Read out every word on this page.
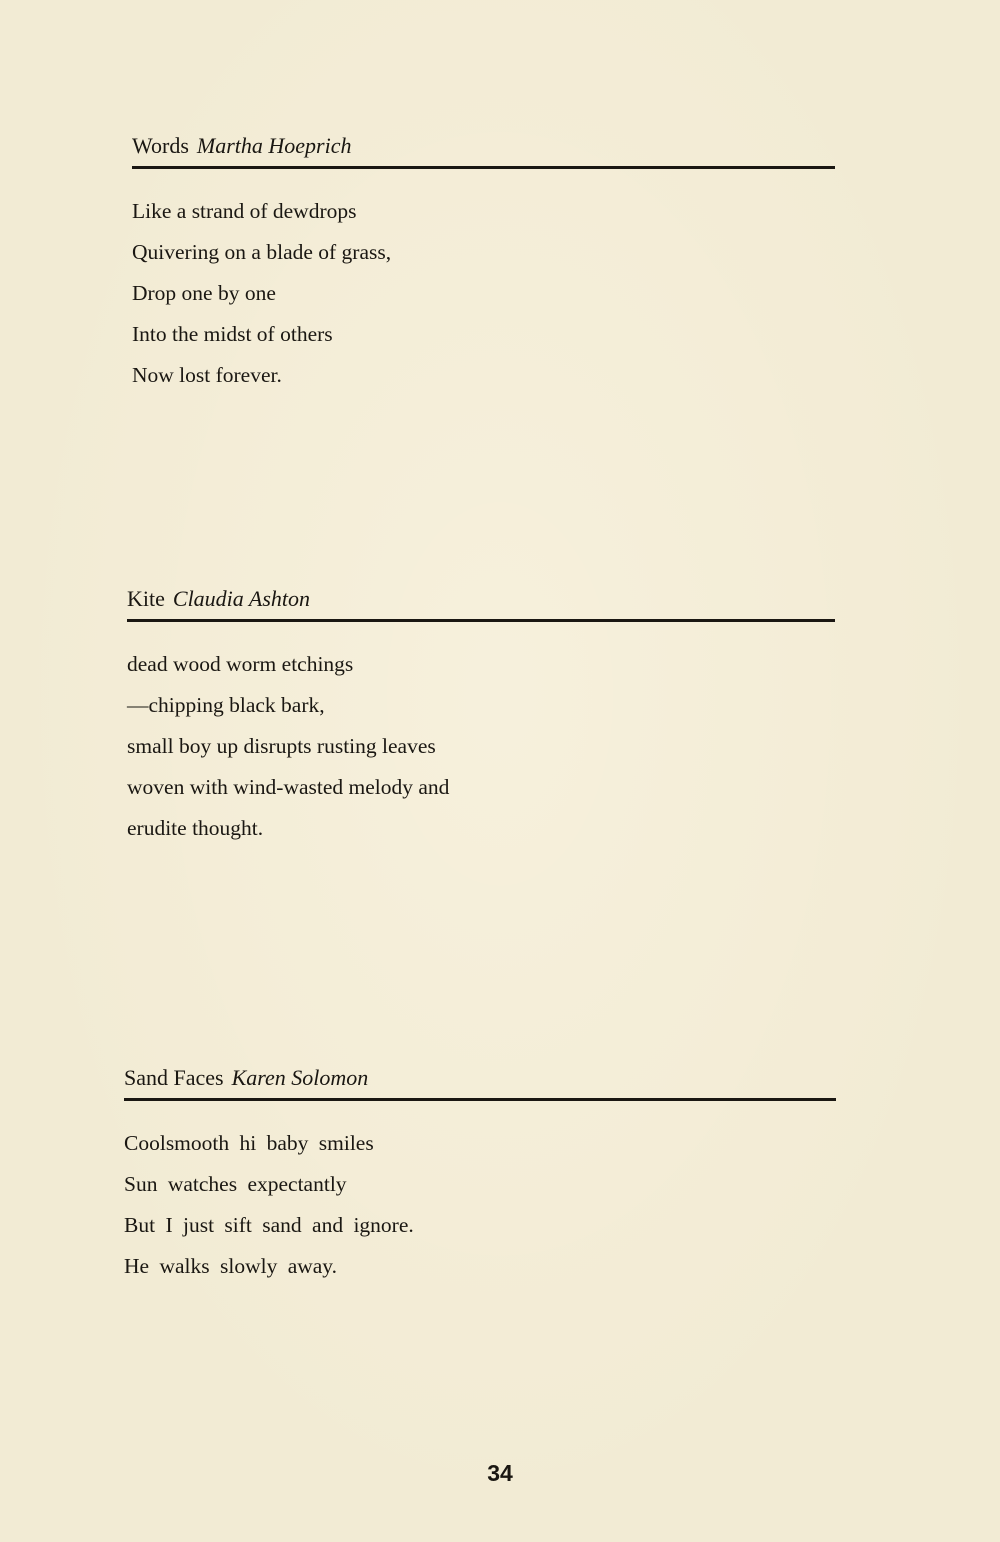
Words Martha Hoeprich
Like a strand of dewdrops
Quivering on a blade of grass,
Drop one by one
Into the midst of others
Now lost forever.
Kite Claudia Ashton
dead wood worm etchings
—chipping black bark,
small boy up disrupts rusting leaves
woven with wind-wasted melody and
erudite thought.
Sand Faces Karen Solomon
Coolsmooth hi baby smiles
Sun watches expectantly
But I just sift sand and ignore.
He walks slowly away.
34
